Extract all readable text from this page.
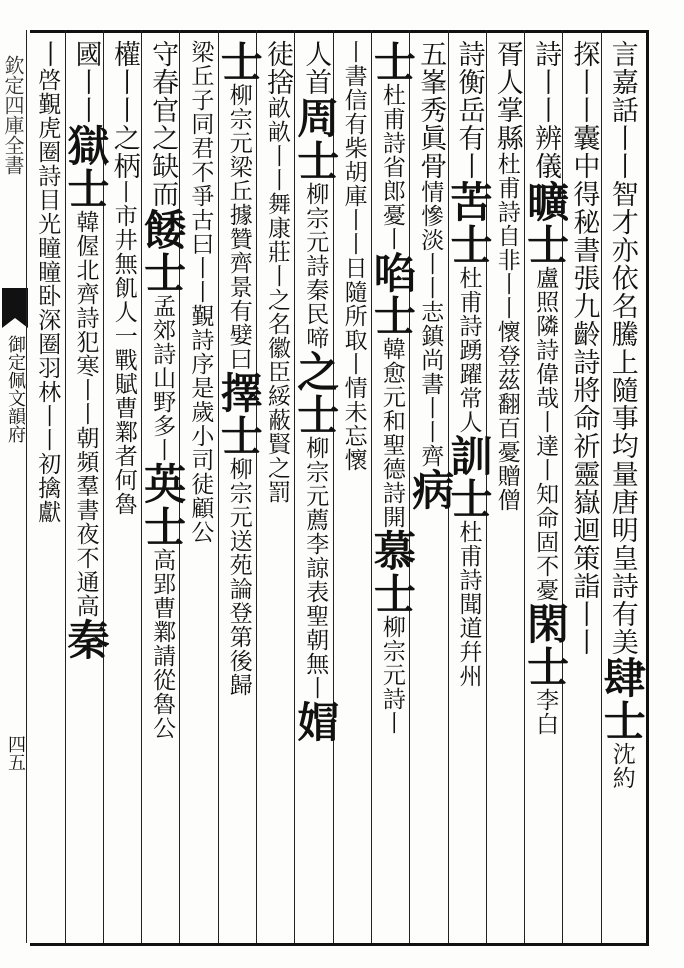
欽定四庫全書
御定佩文韻府
四五
言嘉話丨丨智才亦依名騰上隨事均量唐明皇詩有美肆士沈約
探丨丨囊中得秘書張九齡詩將命祈靈嶽迴策詣丨丨
詩丨丨辨儀曠士盧照隣詩偉哉丨達丨知命固不憂閑士李白
胥人掌縣杜甫詩自非丨丨懷登茲翻百憂贈僧
詩衡岳有丨苦士杜甫詩踴躍常人訓士杜甫詩聞道幷州
五峯秀眞骨情慘淡丨丨志鎮尚書丨丨齊病
士杜甫詩省郎憂丨啗士韓愈元和聖德詩開慕士柳宗元詩丨
丨書信有柴胡庫丨丨日隨所取丨情未忘懷
人首周士柳宗元詩秦民啼之士柳宗元薦李諒表聖朝無丨媢
徒捨畝畝丨丨舞康莊丨之名徽臣綏蔽賢之罰
士柳宗元梁丘據贊齊景有嬖曰擇士柳宗元送苑論登第後歸
梁丘子同君不爭古曰丨丨覲詩序是歲小司徒顧公
守春官之缺而餧士孟郊詩山野多丨英士高郢曹鄴請從魯公
權丨丨之柄丨市井無飢人一戰賦曹鄴者何魯
國丨丨獄士韓偓北齊詩犯寒丨丨朝頻羣書夜不通高秦
丨啓覲虎圈詩目光瞳瞳卧深圈羽林丨丨初擒獻
